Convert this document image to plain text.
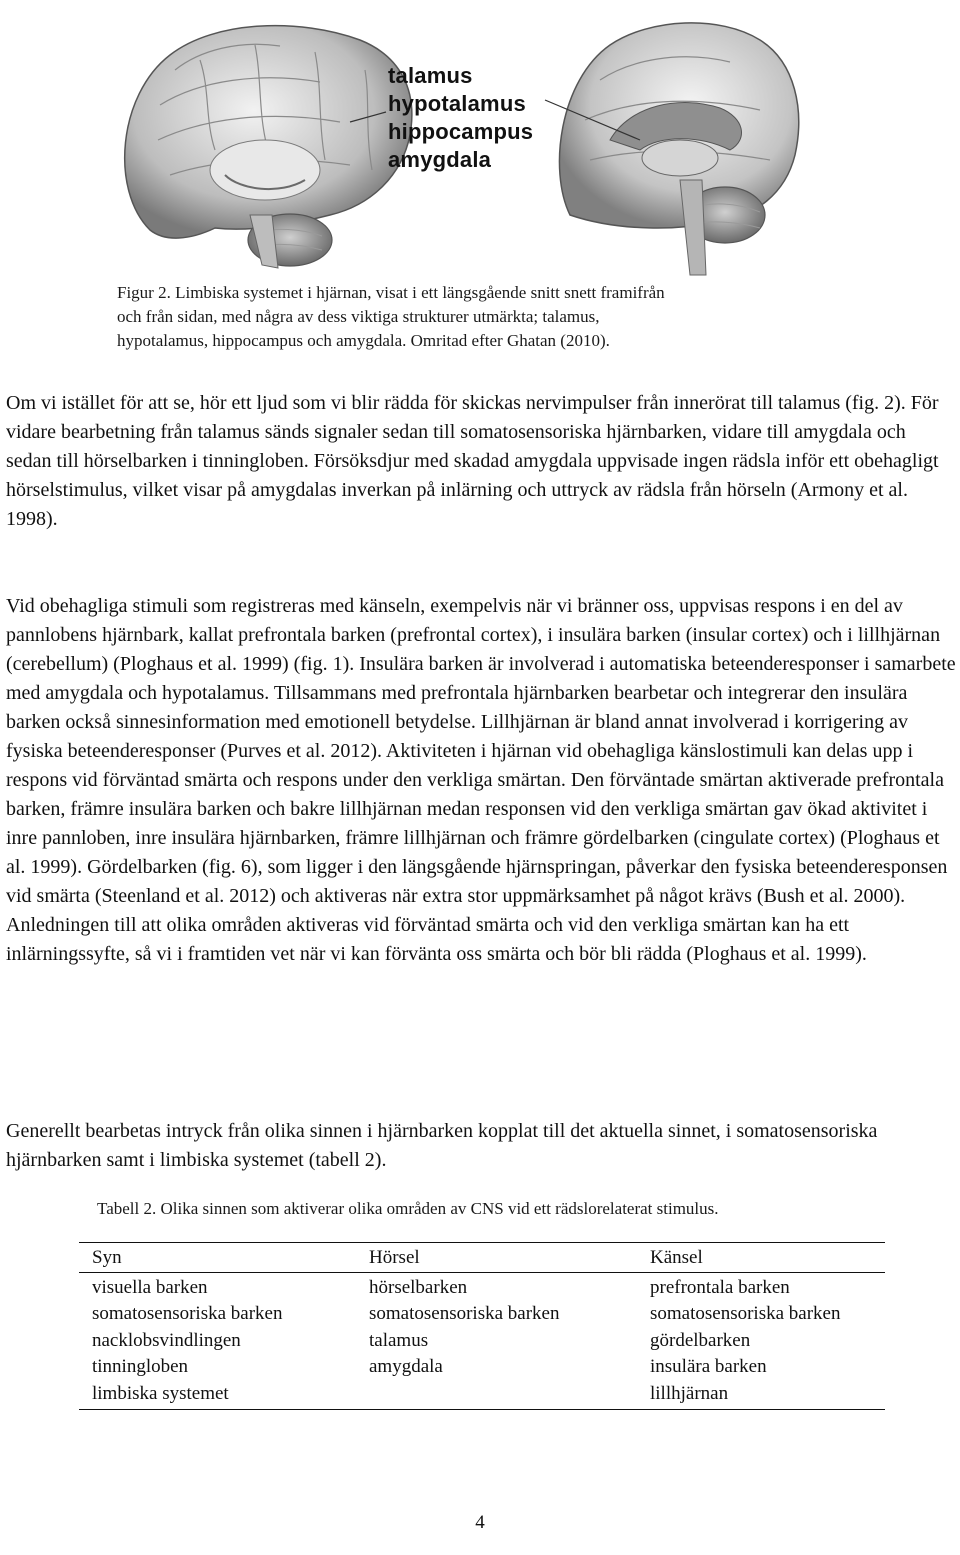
talamus
hypotalamus
hippocampus
amygdala
Figur 2. Limbiska systemet i hjärnan, visat i ett längsgående snitt snett framifrån
och från sidan, med några av dess viktiga strukturer utmärkta; talamus,
hypotalamus, hippocampus och amygdala. Omritad efter Ghatan (2010).

Om vi istället för att se, hör ett ljud som vi blir rädda för skickas nervimpulser från innerörat till talamus (fig. 2). För vidare bearbetning från talamus sänds signaler sedan till somatosensoriska hjärnbarken, vidare till amygdala och sedan till hörselbarken i tinningloben. Försöksdjur med skadad amygdala uppvisade ingen rädsla inför ett obehagligt hörselstimulus, vilket visar på amygdalas inverkan på inlärning och uttryck av rädsla från hörseln (Armony et al. 1998).

Vid obehagliga stimuli som registreras med känseln, exempelvis när vi bränner oss, uppvisas respons i en del av pannlobens hjärnbark, kallat prefrontala barken (prefrontal cortex), i insulära barken (insular cortex) och i lillhjärnan (cerebellum) (Ploghaus et al. 1999) (fig. 1). Insulära barken är involverad i automatiska beteenderesponser i samarbete med amygdala och hypotalamus. Tillsammans med prefrontala hjärnbarken bearbetar och integrerar den insulära barken också sinnesinformation med emotionell betydelse. Lillhjärnan är bland annat involverad i korrigering av fysiska beteenderesponser (Purves et al. 2012). Aktiviteten i hjärnan vid obehagliga känslostimuli kan delas upp i respons vid förväntad smärta och respons under den verkliga smärtan. Den förväntade smärtan aktiverade prefrontala barken, främre insulära barken och bakre lillhjärnan medan responsen vid den verkliga smärtan gav ökad aktivitet i inre pannloben, inre insulära hjärnbarken, främre lillhjärnan och främre gördelbarken (cingulate cortex) (Ploghaus et al. 1999). Gördelbarken (fig. 6), som ligger i den längsgående hjärnspringan, påverkar den fysiska beteenderesponsen vid smärta (Steenland et al. 2012) och aktiveras när extra stor uppmärksamhet på något krävs (Bush et al. 2000). Anledningen till att olika områden aktiveras vid förväntad smärta och vid den verkliga smärtan kan ha ett inlärningssyfte, så vi i framtiden vet när vi kan förvänta oss smärta och bör bli rädda (Ploghaus et al. 1999).

Generellt bearbetas intryck från olika sinnen i hjärnbarken kopplat till det aktuella sinnet, i somatosensoriska hjärnbarken samt i limbiska systemet (tabell 2).

Tabell 2. Olika sinnen som aktiverar olika områden av CNS vid ett rädslorelaterat stimulus.
Syn	Hörsel	Känsel
visuella barken	hörselbarken	prefrontala barken
somatosensoriska barken	somatosensoriska barken	somatosensoriska barken
nacklobsvindlingen	talamus	gördelbarken
tinningloben	amygdala	insulära barken
limbiska systemet		lillhjärnan
4
